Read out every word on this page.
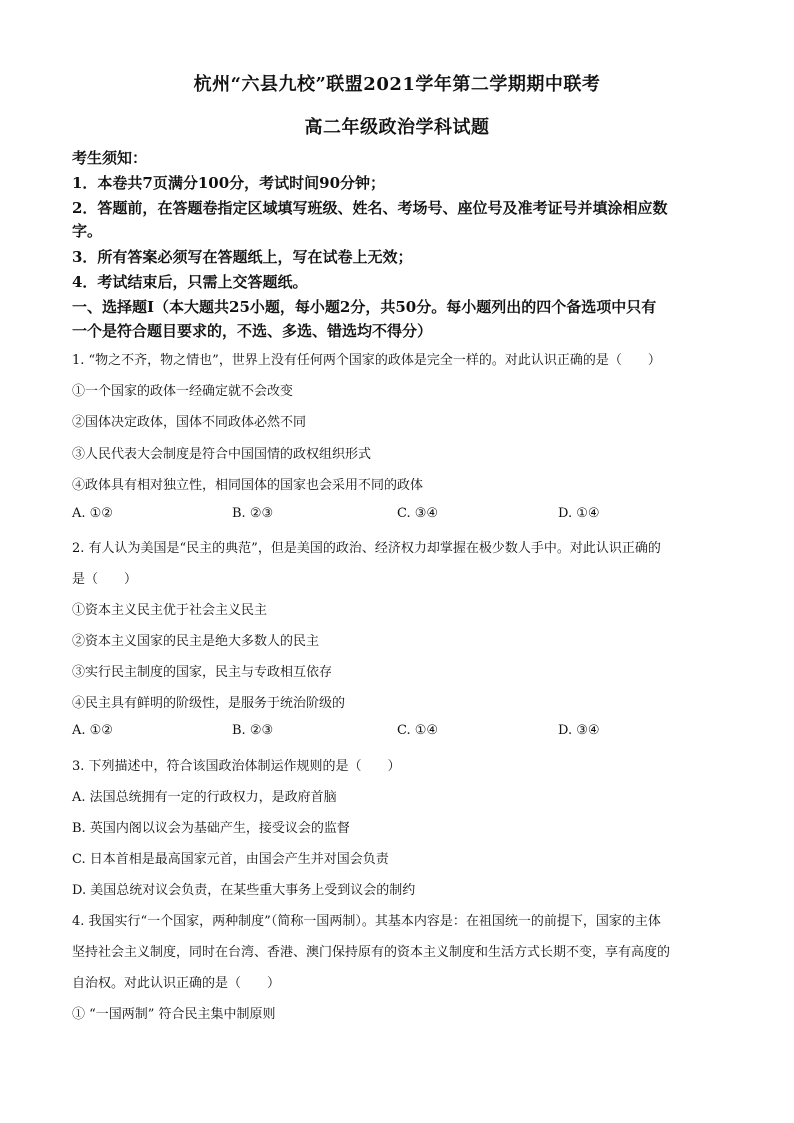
杭州“六县九校”联盟2021学年第二学期期中联考
高二年级政治学科试题
考生须知：
1．本卷共7页满分100分，考试时间90分钟；
2．答题前，在答题卷指定区域填写班级、姓名、考场号、座位号及准考证号并填涂相应数
字。
3．所有答案必须写在答题纸上，写在试卷上无效；
4．考试结束后，只需上交答题纸。
一、选择题Ⅰ（本大题共25小题，每小题2分，共50分。每小题列出的四个备选项中只有
一个是符合题目要求的，不选、多选、错选均不得分）
1. “物之不齐，物之情也”，世界上没有任何两个国家的政体是完全一样的。对此认识正确的是（　　）
①一个国家的政体一经确定就不会改变
②国体决定政体，国体不同政体必然不同
③人民代表大会制度是符合中国国情的政权组织形式
④政体具有相对独立性，相同国体的国家也会采用不同的政体
A. ①②	B. ②③	C. ③④	D. ①④
2. 有人认为美国是“民主的典范”，但是美国的政治、经济权力却掌握在极少数人手中。对此认识正确的
是（　　）
①资本主义民主优于社会主义民主
②资本主义国家的民主是绝大多数人的民主
③实行民主制度的国家，民主与专政相互依存
④民主具有鲜明的阶级性，是服务于统治阶级的
A. ①②	B. ②③	C. ①④	D. ③④
3. 下列描述中，符合该国政治体制运作规则的是（　　）
A. 法国总统拥有一定的行政权力，是政府首脑
B. 英国内阁以议会为基础产生，接受议会的监督
C. 日本首相是最高国家元首，由国会产生并对国会负责
D. 美国总统对议会负责，在某些重大事务上受到议会的制约
4. 我国实行“一个国家，两种制度”（简称一国两制）。其基本内容是：在祖国统一的前提下，国家的主体
坚持社会主义制度，同时在台湾、香港、澳门保持原有的资本主义制度和生活方式长期不变，享有高度的
自治权。对此认识正确的是（　　）
① “一国两制” 符合民主集中制原则
